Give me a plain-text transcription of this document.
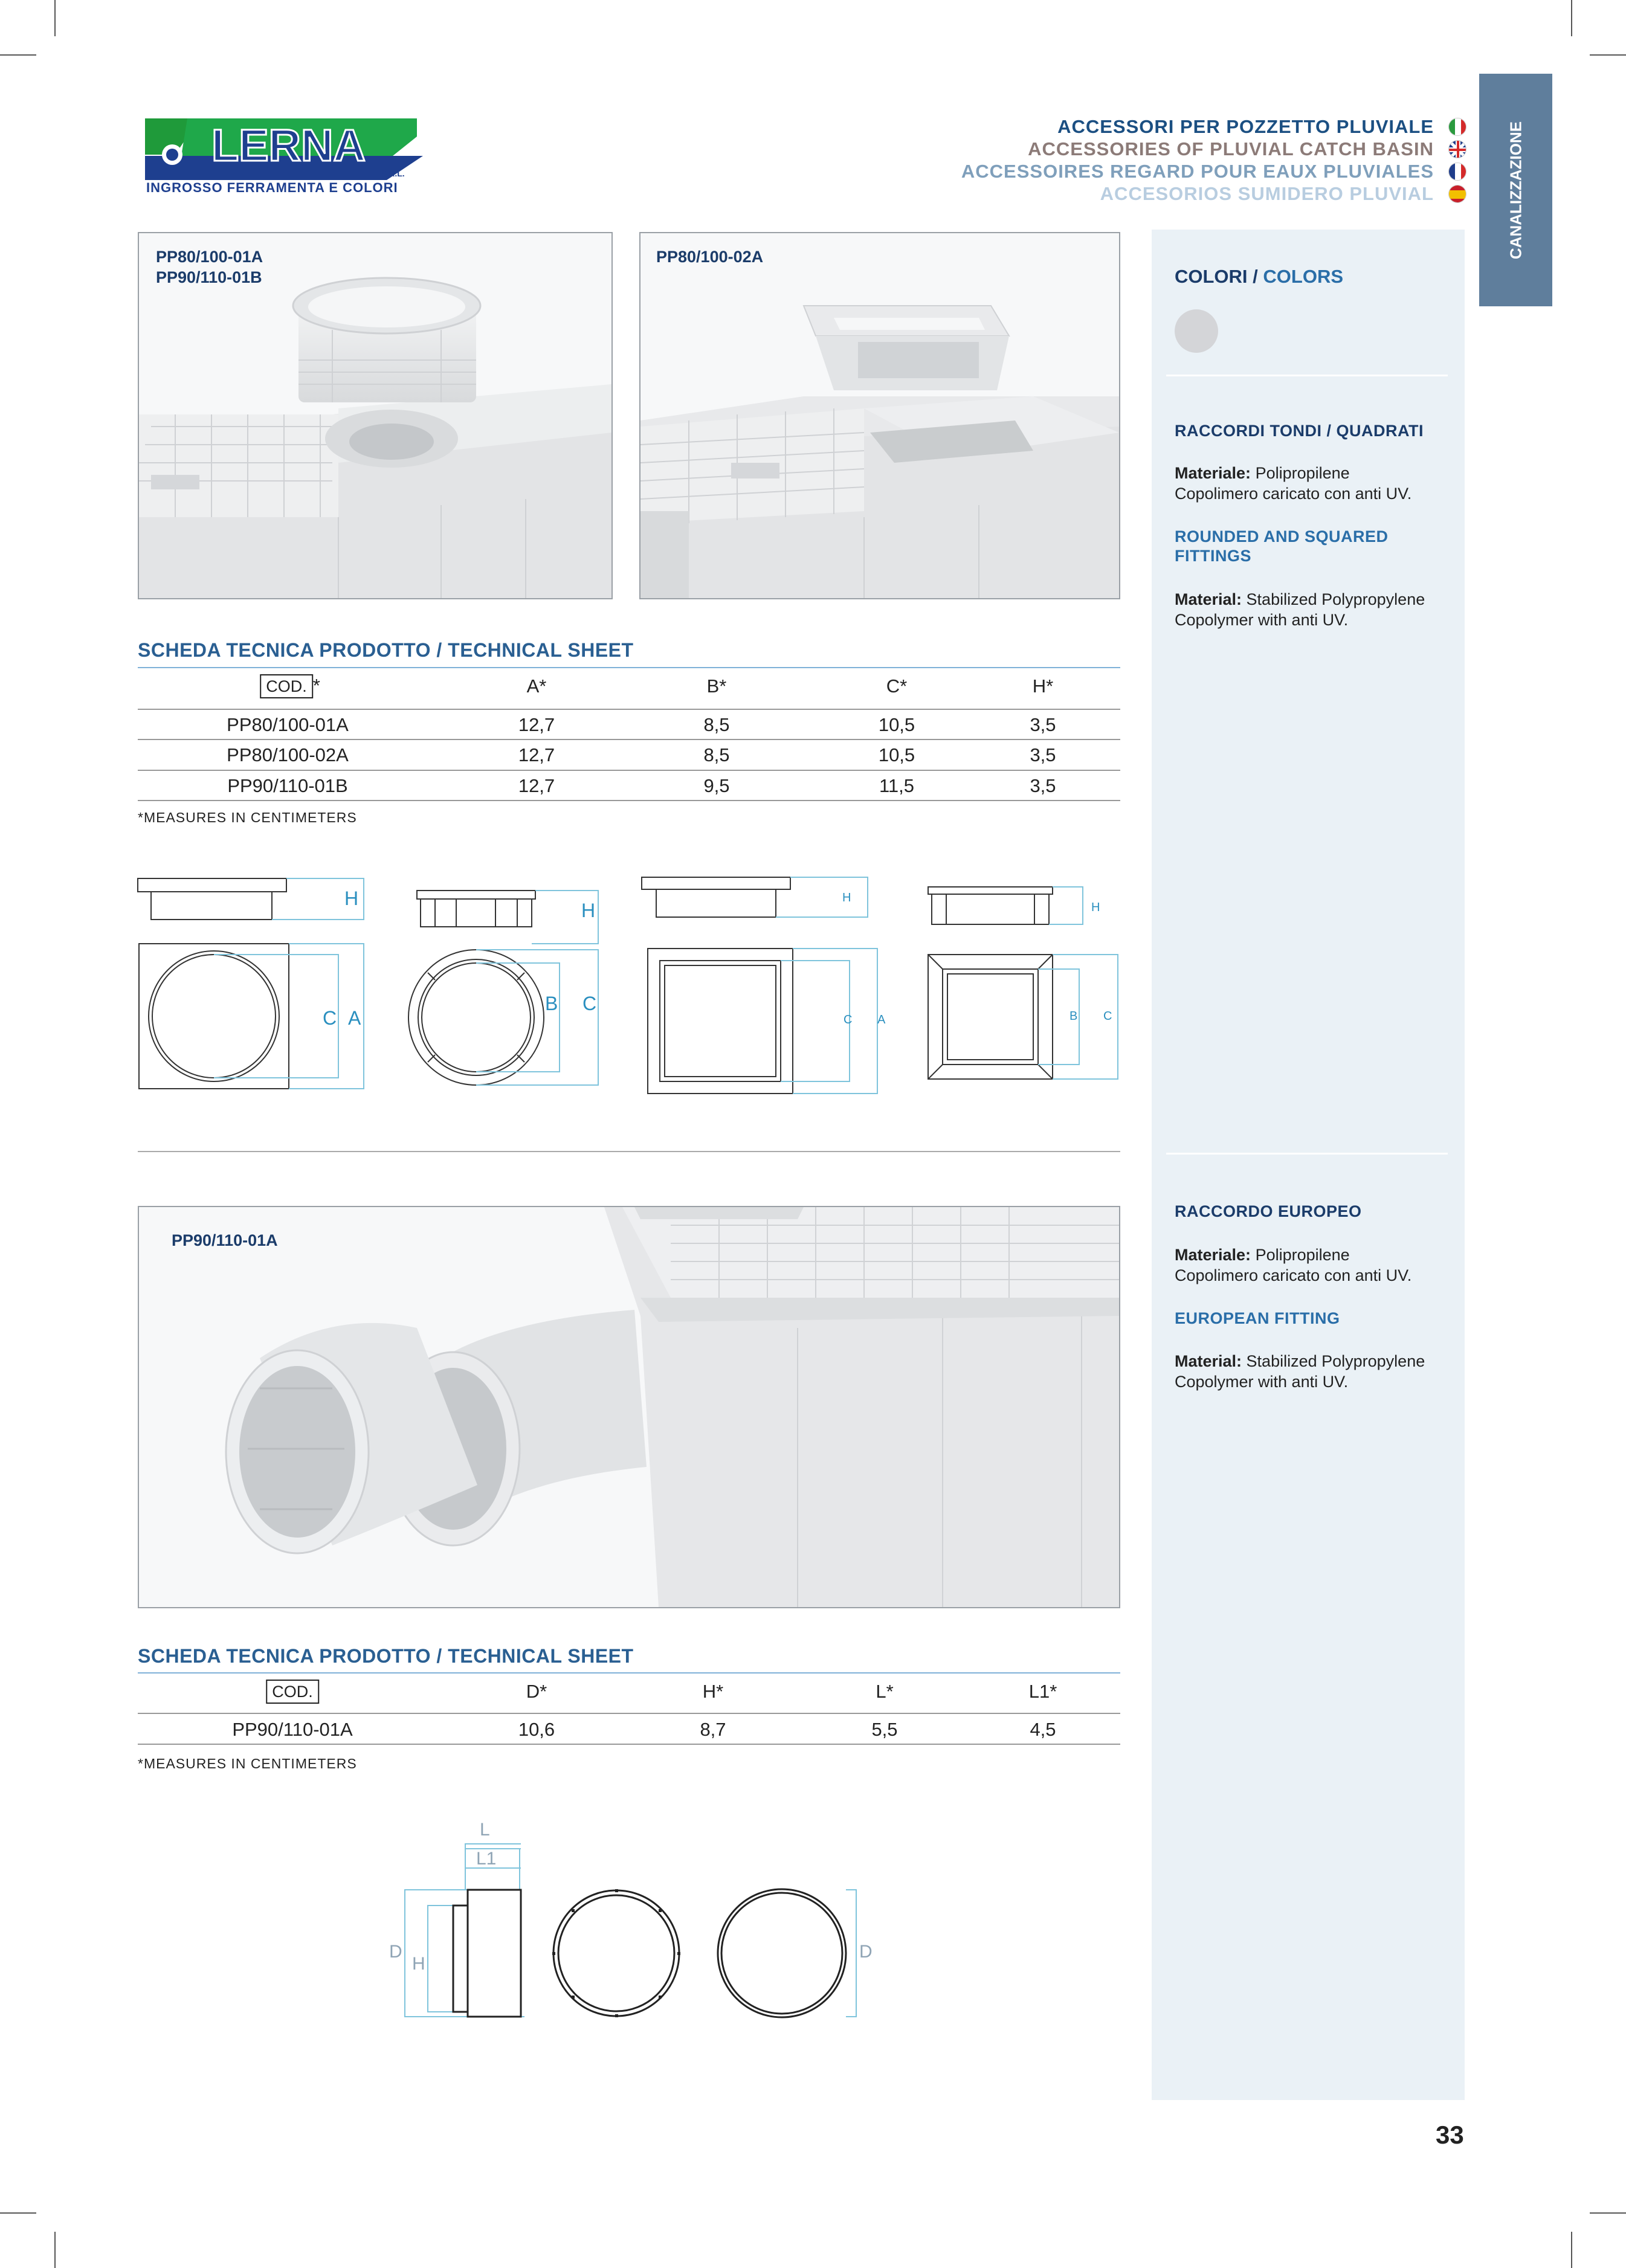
LERNA
S.R.L.
INGROSSO FERRAMENTA E COLORI
ACCESSORI PER POZZETTO PLUVIALE
ACCESSORIES OF PLUVIAL CATCH BASIN
ACCESSOIRES REGARD POUR EAUX PLUVIALES
ACCESORIOS SUMIDERO PLUVIAL	CANALIZZAZIONE
COLORI / COLORS
RACCORDI TONDI / QUADRATI
Materiale: Polipropilene
Copolimero caricato con anti UV.
ROUNDED AND SQUARED
FITTINGS
Material: Stabilized Polypropylene
Copolymer with anti UV.
RACCORDO EUROPEO
Materiale: Polipropilene
Copolimero caricato con anti UV.
EUROPEAN FITTING
Material: Stabilized Polypropylene
Copolymer with anti UV.
PP80/100-01A
PP90/110-01B
PP80/100-02A
SCHEDA TECNICA PRODOTTO / TECHNICAL SHEET
COD. *	A*	B*	C*	H*
PP80/100-01A	12,7	8,5	10,5	3,5
PP80/100-02A	12,7	8,5	10,5	3,5
PP90/110-01B	12,7	9,5	11,5	3,5
*MEASURES IN CENTIMETERS
H
C A
H
B C
H
C A
H
B C
PP90/110-01A
SCHEDA TECNICA PRODOTTO / TECHNICAL SHEET
COD.	D*	H*	L*	L1*
PP90/110-01A	10,6	8,7	5,5	4,5
*MEASURES IN CENTIMETERS
L
L1
D
H
D
33
